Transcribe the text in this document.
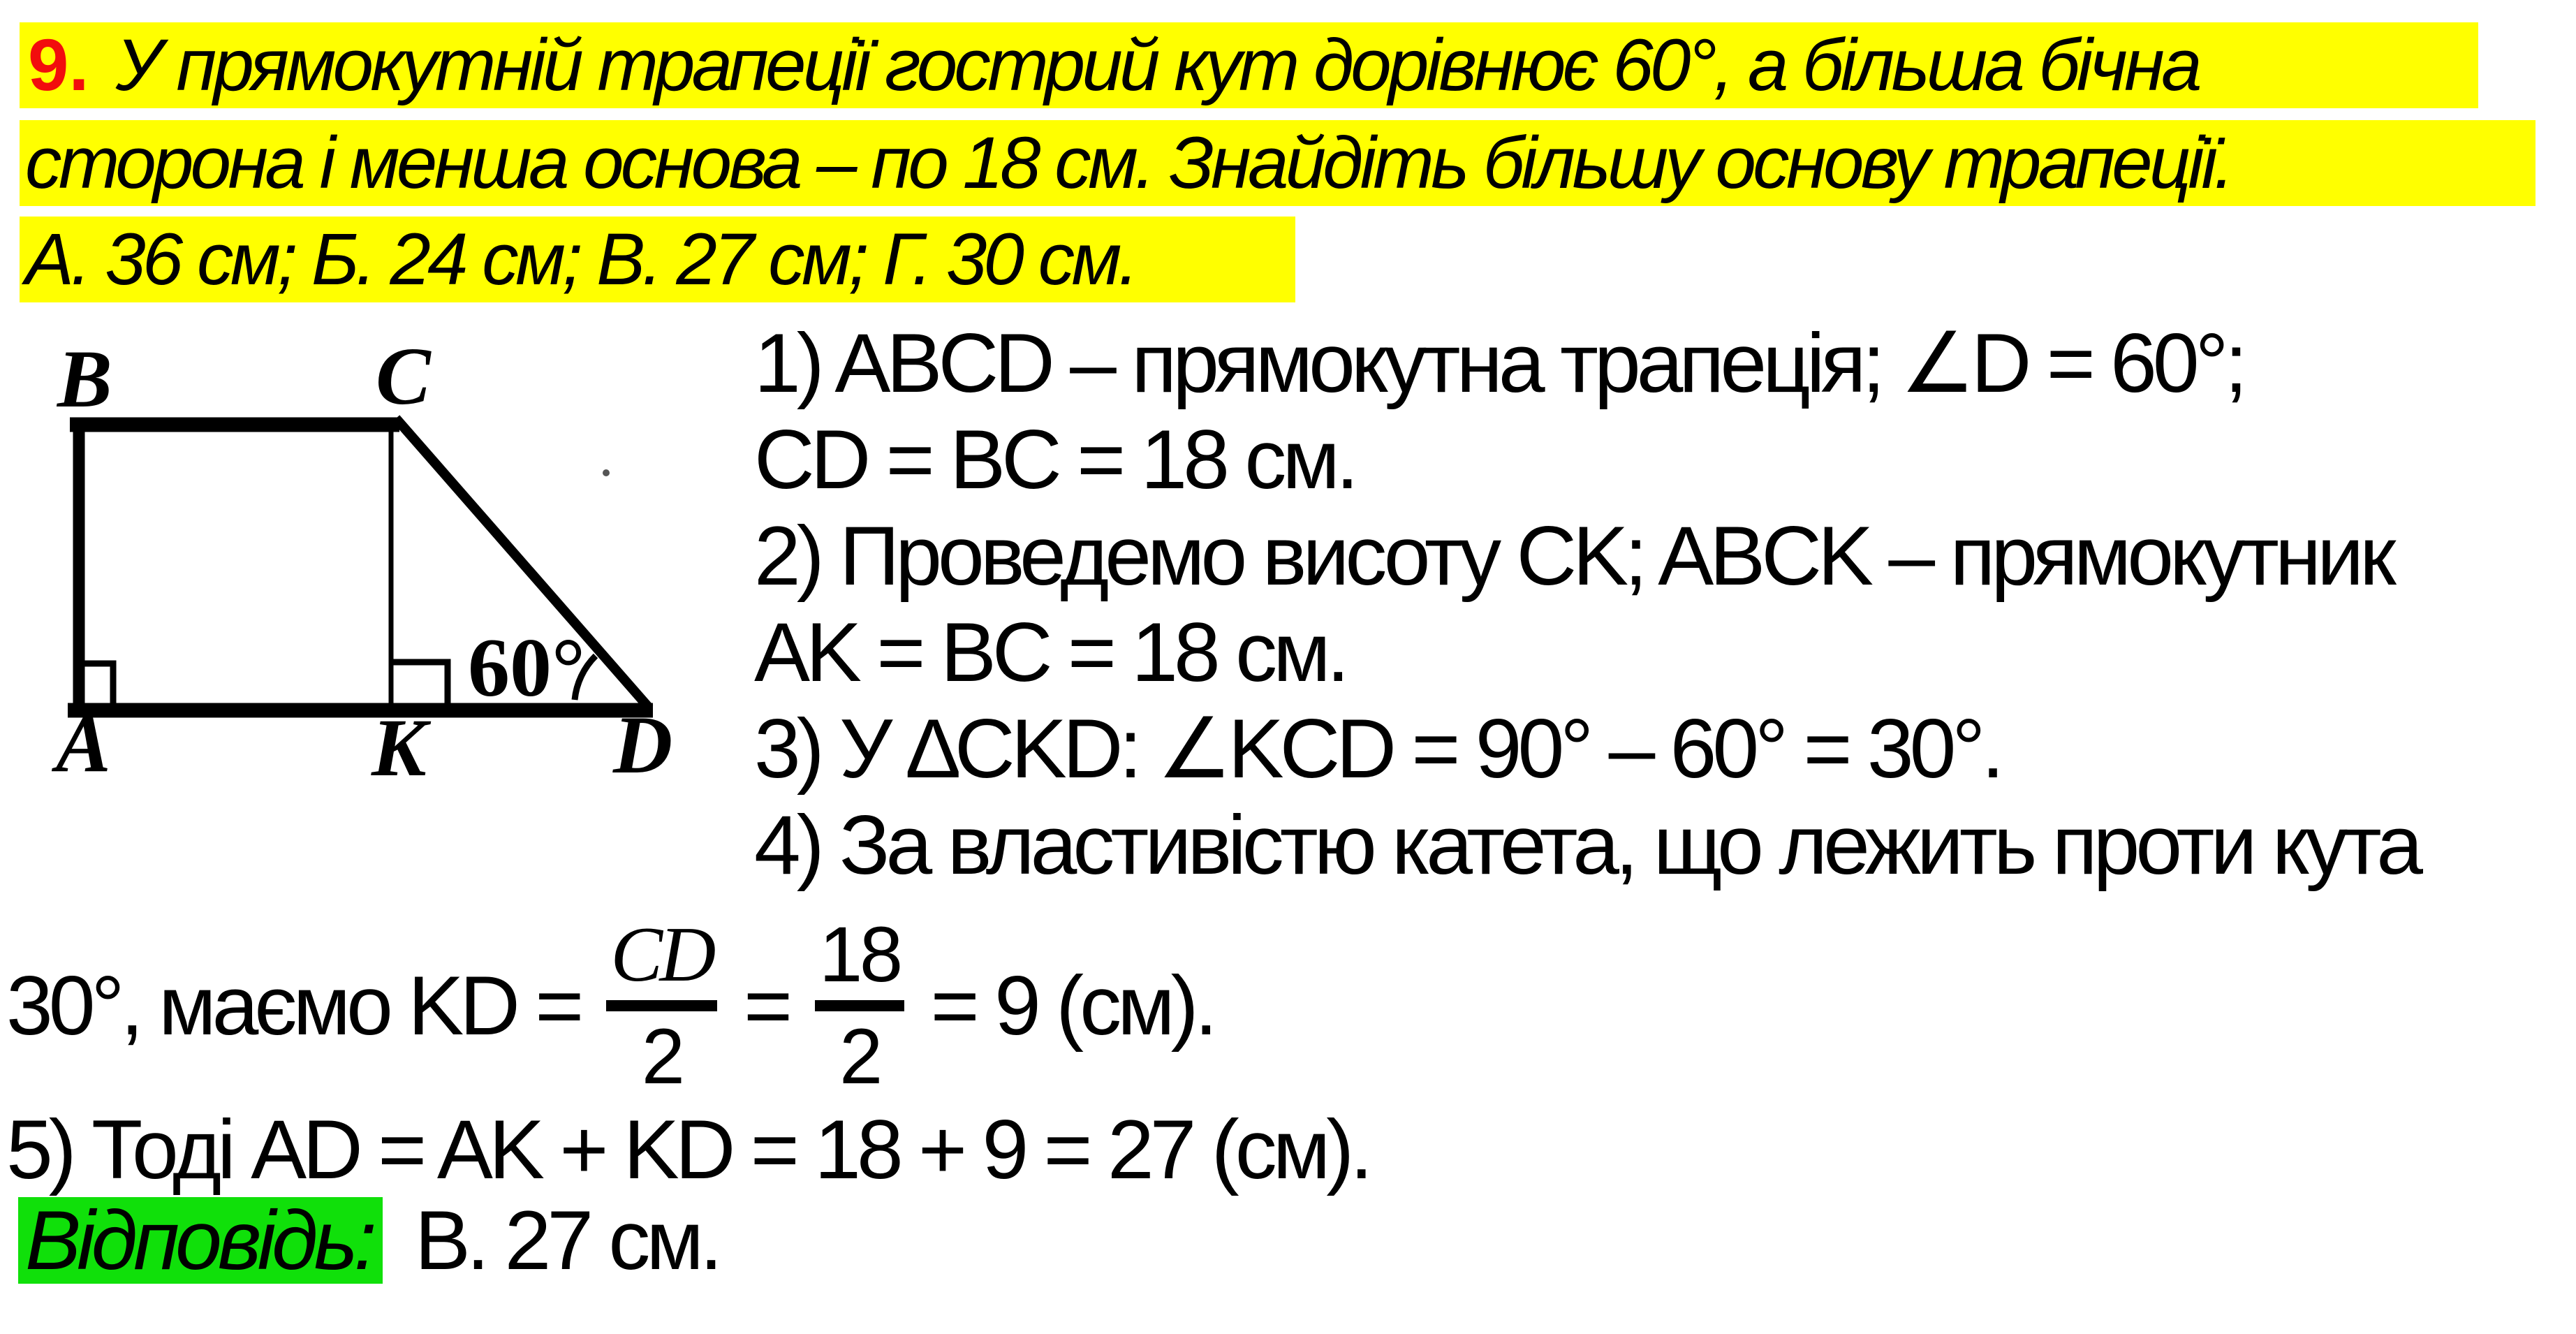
9. У прямокутній трапеції гострий кут дорівнює 60°, а більша бічна
сторона і менша основа – по 18 см. Знайдіть більшу основу трапеції.
А. 36 см; Б. 24 см; В. 27 см; Г. 30 см.
B	C
A	K D
60°
1) ABCD – прямокутна трапеція; ∠D = 60°;
CD = BC = 18 см.
2) Проведемо висоту CK; ABCK – прямокутник
AK = BC = 18 см.
3) У ∆CKD: ∠KCD = 90° – 60° = 30°.
4) За властивістю катета, що лежить проти кута
30°, маємо KD =
CD
2
=
18
2
= 9 (см).
5) Тоді AD = AK + KD = 18 + 9 = 27 (см).
Відповідь: В. 27 см.
